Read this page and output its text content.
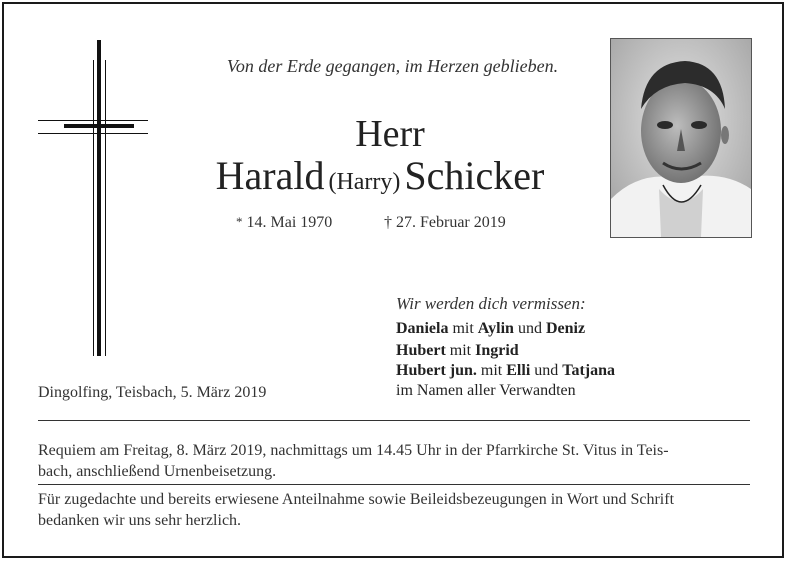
Von der Erde gegangen, im Herzen geblieben.
Herr
Harald (Harry) Schicker
* 14. Mai 1970	† 27. Februar 2019
Wir werden dich vermissen:
Daniela mit Aylin und Deniz
Hubert mit Ingrid
Hubert jun. mit Elli und Tatjana
im Namen aller Verwandten
Dingolfing, Teisbach, 5. März 2019
Requiem am Freitag, 8. März 2019, nachmittags um 14.45 Uhr in der Pfarrkirche St. Vitus in Teis-
bach, anschließend Urnenbeisetzung.
Für zugedachte und bereits erwiesene Anteilnahme sowie Beileidsbezeugungen in Wort und Schrift
bedanken wir uns sehr herzlich.
